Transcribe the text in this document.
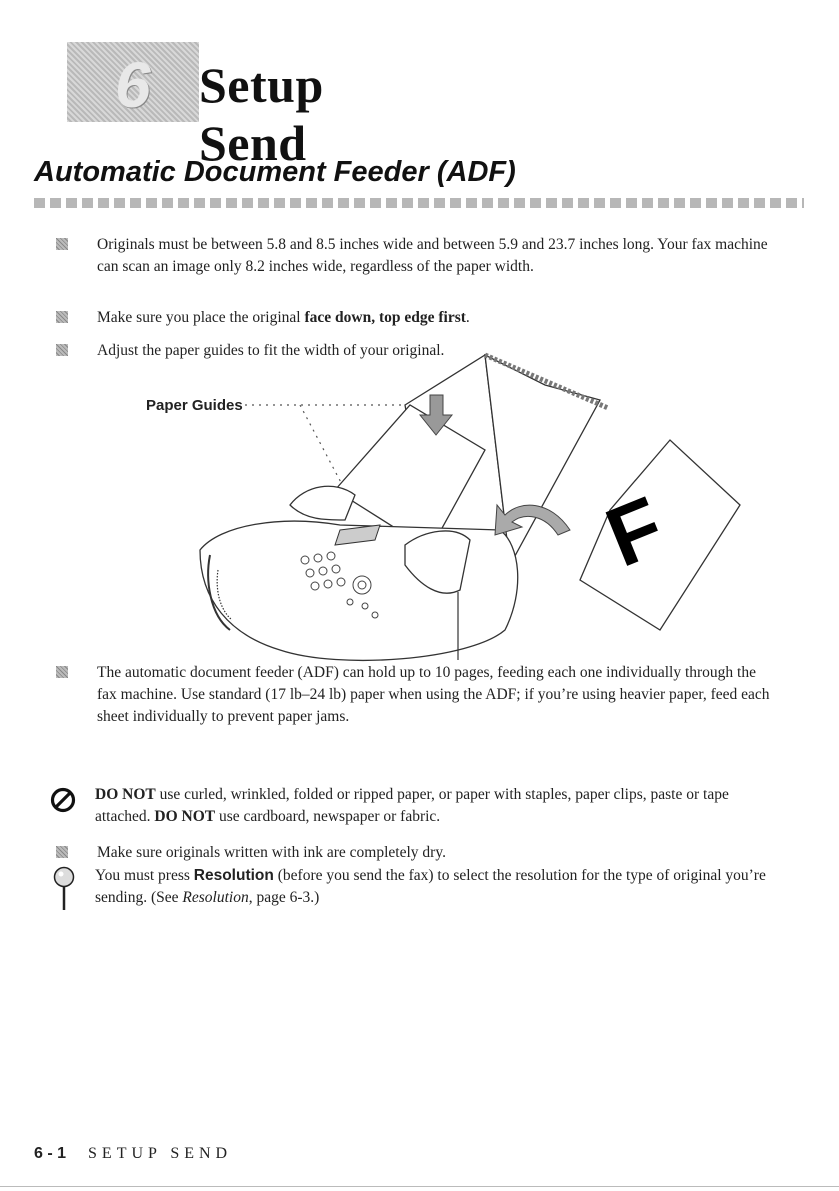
6 Setup Send
Automatic Document Feeder (ADF)
Originals must be between 5.8 and 8.5 inches wide and between 5.9 and 23.7 inches long. Your fax machine can scan an image only 8.2 inches wide, regardless of the paper width.
Make sure you place the original face down, top edge first.
Adjust the paper guides to fit the width of your original.
Paper Guides
F
The automatic document feeder (ADF) can hold up to 10 pages, feeding each one individually through the fax machine. Use standard (17 lb–24 lb) paper when using the ADF; if you’re using heavier paper, feed each sheet individually to prevent paper jams.
DO NOT use curled, wrinkled, folded or ripped paper, or paper with staples, paper clips, paste or tape attached. DO NOT use cardboard, newspaper or fabric.
Make sure originals written with ink are completely dry.
You must press Resolution (before you send the fax) to select the resolution for the type of original you’re sending. (See Resolution, page 6-3.)
6 - 1 SETUP SEND
